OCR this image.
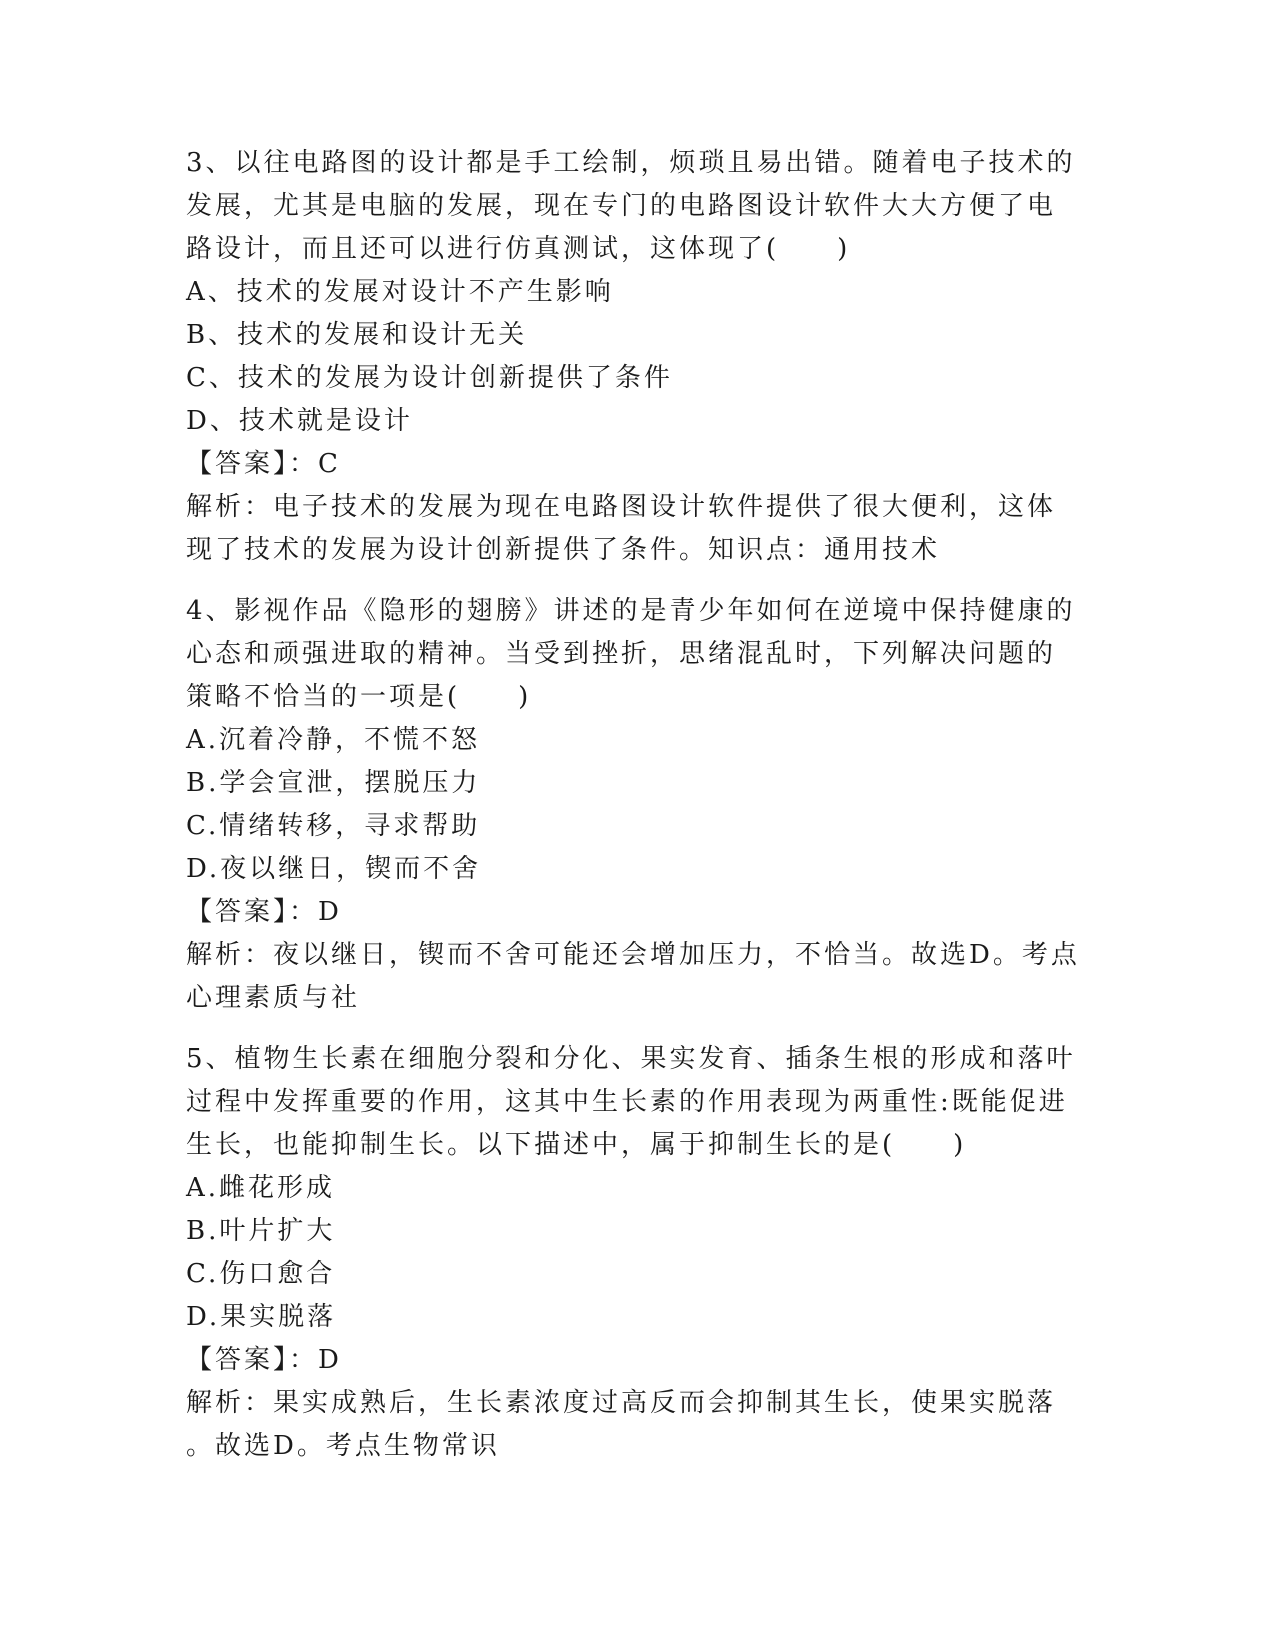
3、以往电路图的设计都是手工绘制，烦琐且易出错。随着电子技术的
发展，尤其是电脑的发展，现在专门的电路图设计软件大大方便了电
路设计，而且还可以进行仿真测试，这体现了(　　)
A、技术的发展对设计不产生影响
B、技术的发展和设计无关
C、技术的发展为设计创新提供了条件
D、技术就是设计
【答案】：C
解析：电子技术的发展为现在电路图设计软件提供了很大便利，这体
现了技术的发展为设计创新提供了条件。知识点：通用技术
4、影视作品《隐形的翅膀》讲述的是青少年如何在逆境中保持健康的
心态和顽强进取的精神。当受到挫折，思绪混乱时，下列解决问题的
策略不恰当的一项是(　　)
A.沉着冷静，不慌不怒
B.学会宣泄，摆脱压力
C.情绪转移，寻求帮助
D.夜以继日，锲而不舍
【答案】：D
解析：夜以继日，锲而不舍可能还会增加压力，不恰当。故选D。考点
心理素质与社
5、植物生长素在细胞分裂和分化、果实发育、插条生根的形成和落叶
过程中发挥重要的作用，这其中生长素的作用表现为两重性:既能促进
生长，也能抑制生长。以下描述中，属于抑制生长的是(　　)
A.雌花形成
B.叶片扩大
C.伤口愈合
D.果实脱落
【答案】：D
解析：果实成熟后，生长素浓度过高反而会抑制其生长，使果实脱落
。故选D。考点生物常识
